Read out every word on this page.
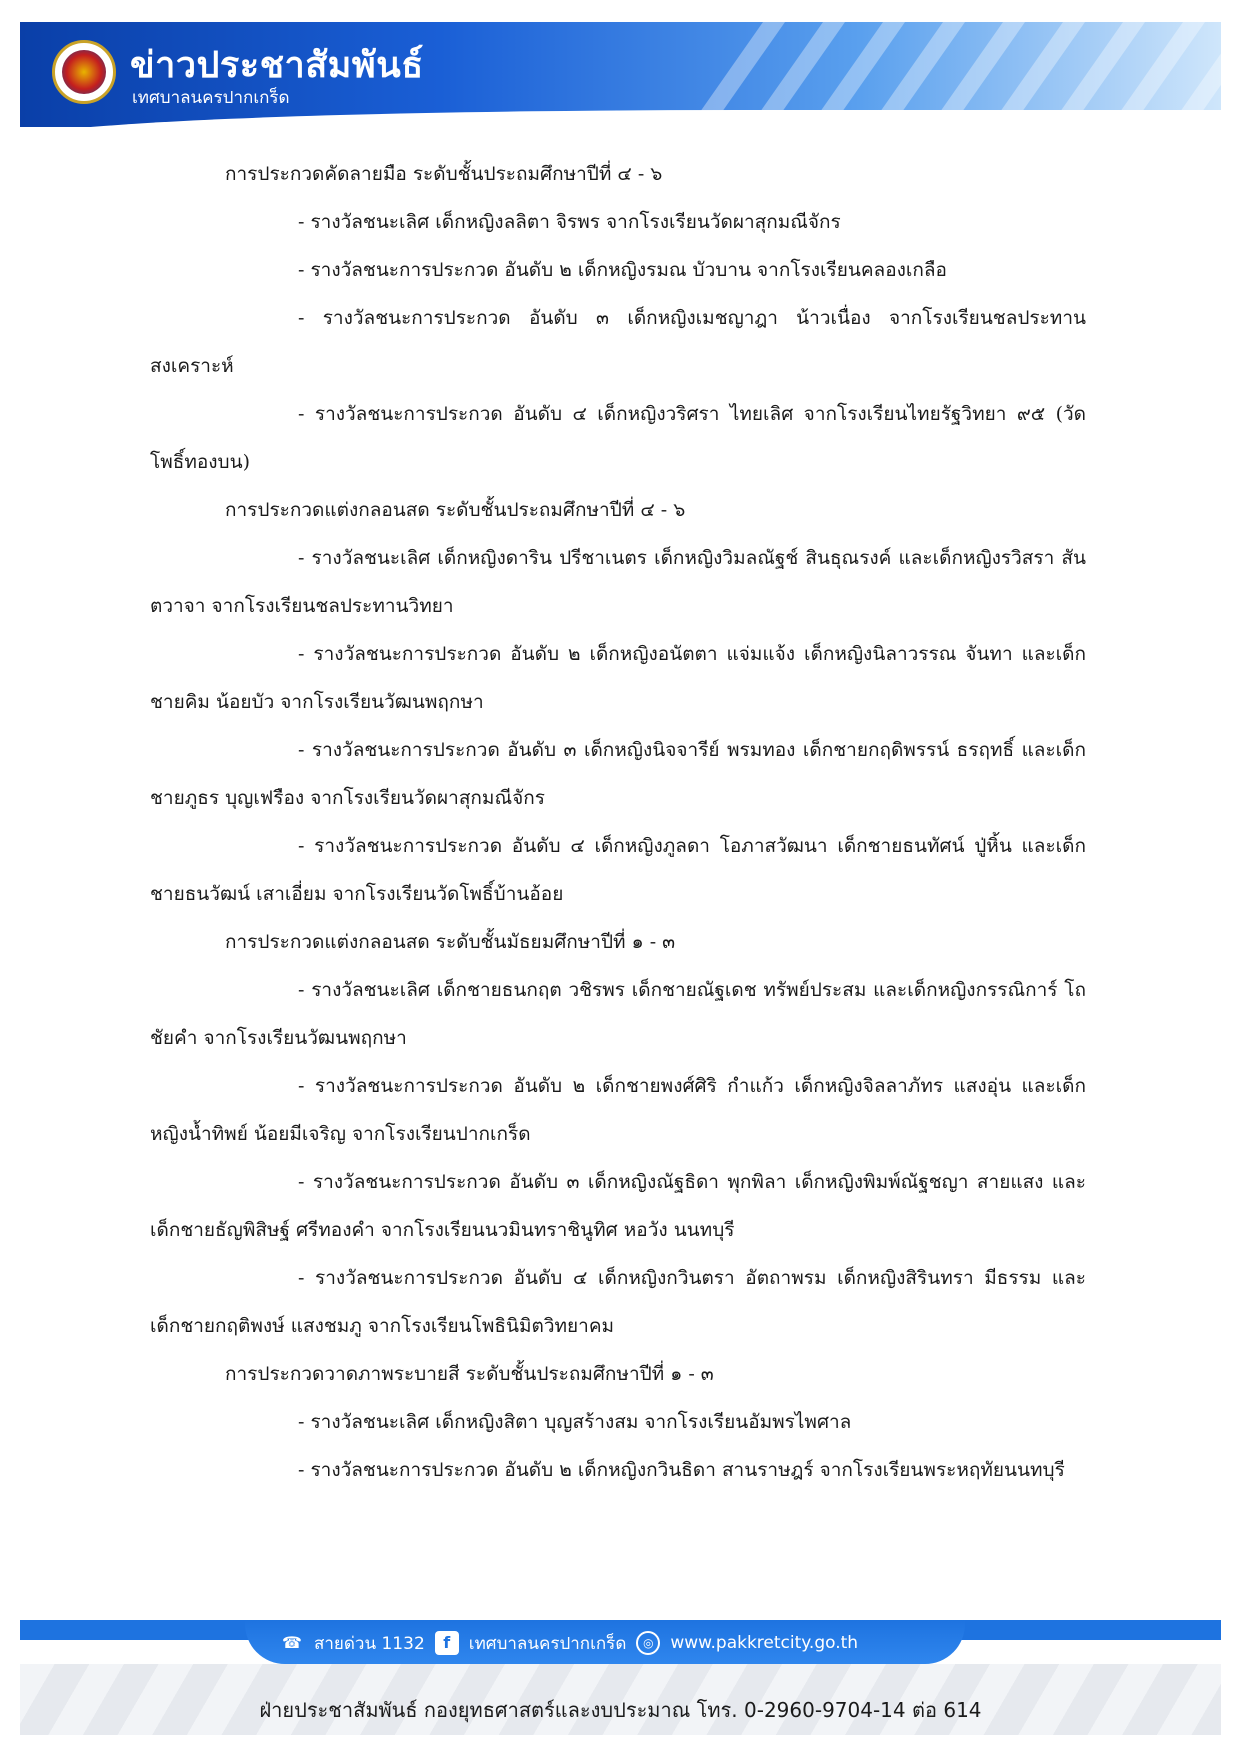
ข่าวประชาสัมพันธ์
เทศบาลนครปากเกร็ด

การประกวดคัดลายมือ ระดับชั้นประถมศึกษาปีที่ ๔ - ๖

- รางวัลชนะเลิศ เด็กหญิงลลิตา จิรพร จากโรงเรียนวัดผาสุกมณีจักร

- รางวัลชนะการประกวด อันดับ ๒ เด็กหญิงรมณ บัวบาน จากโรงเรียนคลองเกลือ

- รางวัลชนะการประกวด อันดับ ๓ เด็กหญิงเมชญาฎา น้าวเนื่อง จากโรงเรียนชลประทานสงเคราะห์

- รางวัลชนะการประกวด อันดับ ๔ เด็กหญิงวริศรา ไทยเลิศ จากโรงเรียนไทยรัฐวิทยา ๙๕ (วัดโพธิ์ทองบน)

การประกวดแต่งกลอนสด ระดับชั้นประถมศึกษาปีที่ ๔ - ๖

- รางวัลชนะเลิศ เด็กหญิงดาริน ปรีชาเนตร เด็กหญิงวิมลณัฐช์ สินธุณรงค์ และเด็กหญิงรวิสรา สันตวาจา จากโรงเรียนชลประทานวิทยา

- รางวัลชนะการประกวด อันดับ ๒ เด็กหญิงอนัตตา แจ่มแจ้ง เด็กหญิงนิลาวรรณ จันทา และเด็กชายคิม น้อยบัว จากโรงเรียนวัฒนพฤกษา

- รางวัลชนะการประกวด อันดับ ๓ เด็กหญิงนิจจารีย์ พรมทอง เด็กชายกฤดิพรรน์ ธรฤทธิ์ และเด็กชายภูธร บุญเฟรือง จากโรงเรียนวัดผาสุกมณีจักร

- รางวัลชนะการประกวด อันดับ ๔ เด็กหญิงภูลดา โอภาสวัฒนา เด็กชายธนทัศน์ ปู่หิ้น และเด็กชายธนวัฒน์ เสาเอี่ยม จากโรงเรียนวัดโพธิ์บ้านอ้อย

การประกวดแต่งกลอนสด ระดับชั้นมัธยมศึกษาปีที่ ๑ - ๓

- รางวัลชนะเลิศ เด็กชายธนกฤต วชิรพร เด็กชายณัฐเดช ทรัพย์ประสม และเด็กหญิงกรรณิการ์ โถชัยคำ จากโรงเรียนวัฒนพฤกษา

- รางวัลชนะการประกวด อันดับ ๒ เด็กชายพงศ์ศิริ กำแก้ว เด็กหญิงจิลลาภัทร แสงอุ่น และเด็กหญิงน้ำทิพย์ น้อยมีเจริญ จากโรงเรียนปากเกร็ด

- รางวัลชนะการประกวด อันดับ ๓ เด็กหญิงณัฐธิดา พุกพิลา เด็กหญิงพิมพ์ณัฐชญา สายแสง และเด็กชายธัญพิสิษฐ์ ศรีทองคำ จากโรงเรียนนวมินทราชินูทิศ หอวัง นนทบุรี

- รางวัลชนะการประกวด อันดับ ๔ เด็กหญิงกวินตรา อัตถาพรม เด็กหญิงสิรินทรา มีธรรม และเด็กชายกฤติพงษ์ แสงชมภู จากโรงเรียนโพธินิมิตวิทยาคม

การประกวดวาดภาพระบายสี ระดับชั้นประถมศึกษาปีที่ ๑ - ๓

- รางวัลชนะเลิศ เด็กหญิงสิตา บุญสร้างสม จากโรงเรียนอัมพรไพศาล

- รางวัลชนะการประกวด อันดับ ๒ เด็กหญิงกวินธิดา สานราษฎร์ จากโรงเรียนพระหฤทัยนนทบุรี

☎ สายด่วน 1132	f	เทศบาลนครปากเกร็ด	◎ www.pakkretcity.go.th
ฝ่ายประชาสัมพันธ์ กองยุทธศาสตร์และงบประมาณ โทร. 0-2960-9704-14 ต่อ 614
